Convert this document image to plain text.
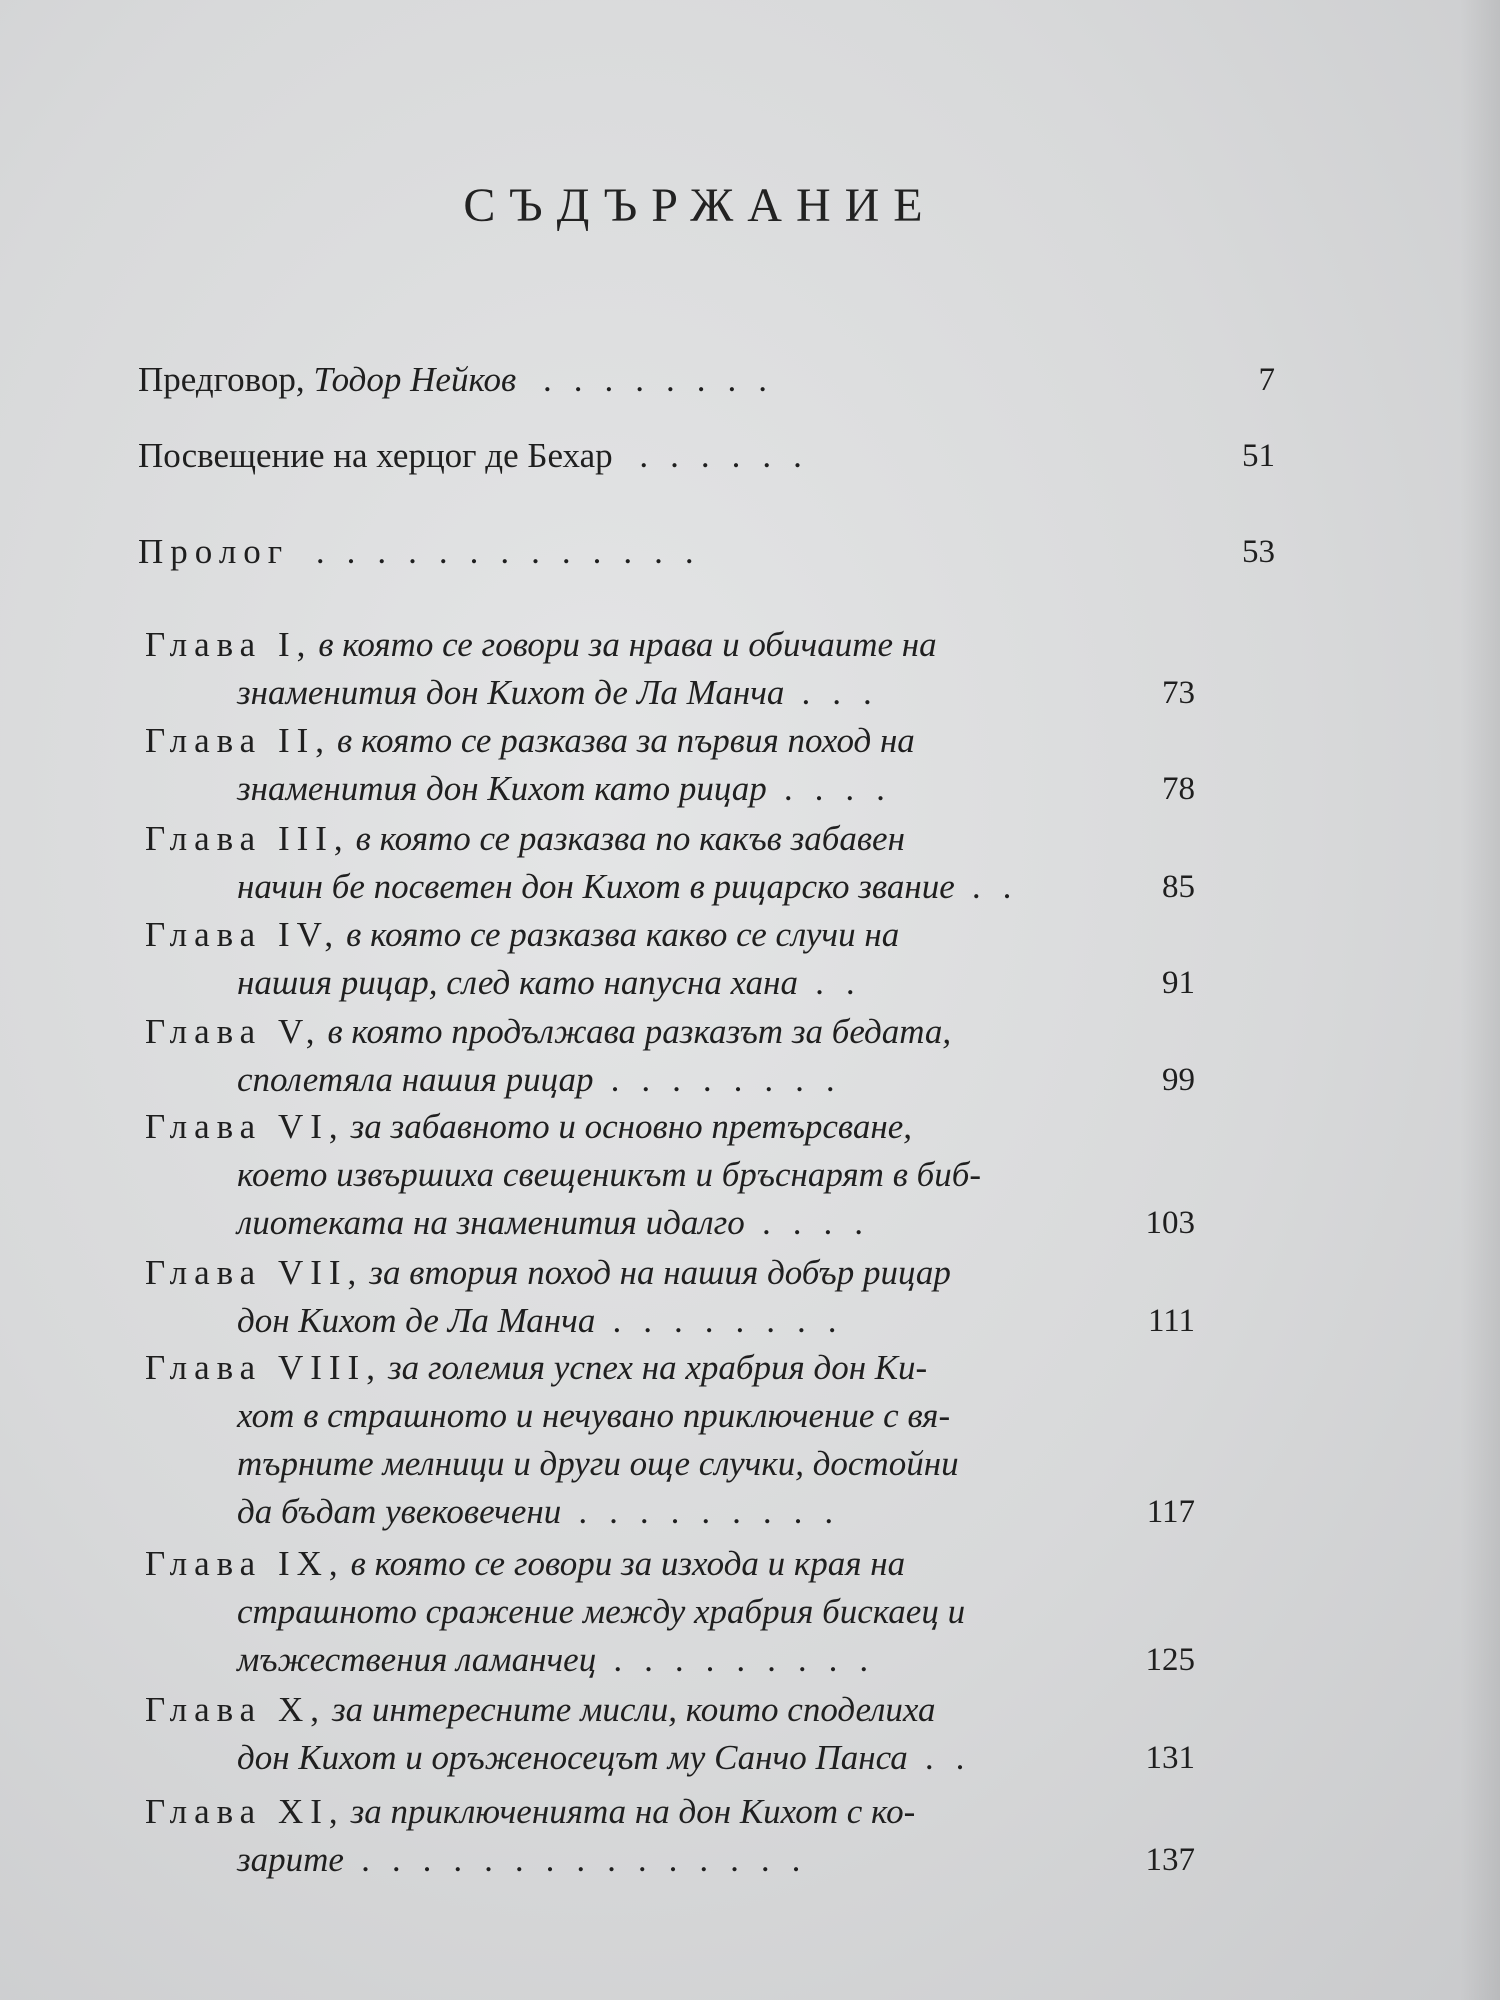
СЪДЪРЖАНИЕ
Предговор, Тодор Нейков ........	7
Посвещение на херцог де Бехар ......	51
Пролог .............	53
Глава I, в която се говори за нрава и обичаите на
знаменития дон Кихот де Ла Манча ...	73
Глава II, в която се разказва за първия поход на
знаменития дон Кихот като рицар ....	78
Глава III, в която се разказва по какъв забавен
начин бе посветен дон Кихот в рицарско звание ..	85
Глава IV, в която се разказва какво се случи на
нашия рицар, след като напусна хана ..	91
Глава V, в която продължава разказът за бедата,
сполетяла нашия рицар ........	99
Глава VI, за забавното и основно претърсване,
което извършиха свещеникът и бръснарят в биб-
лиотеката на знаменития идалго ....	103
Глава VII, за втория поход на нашия добър рицар
дон Кихот де Ла Манча ........	111
Глава VIII, за големия успех на храбрия дон Ки-
хот в страшното и нечувано приключение с вя-
търните мелници и други още случки, достойни
да бъдат увековечени .........	117
Глава IX, в която се говори за изхода и края на
страшното сражение между храбрия бискаец и
мъжествения ламанчец .........	125
Глава X, за интересните мисли, които споделиха
дон Кихот и оръженосецът му Санчо Панса ..	131
Глава XI, за приключенията на дон Кихот с ко-
зарите ...............	137
